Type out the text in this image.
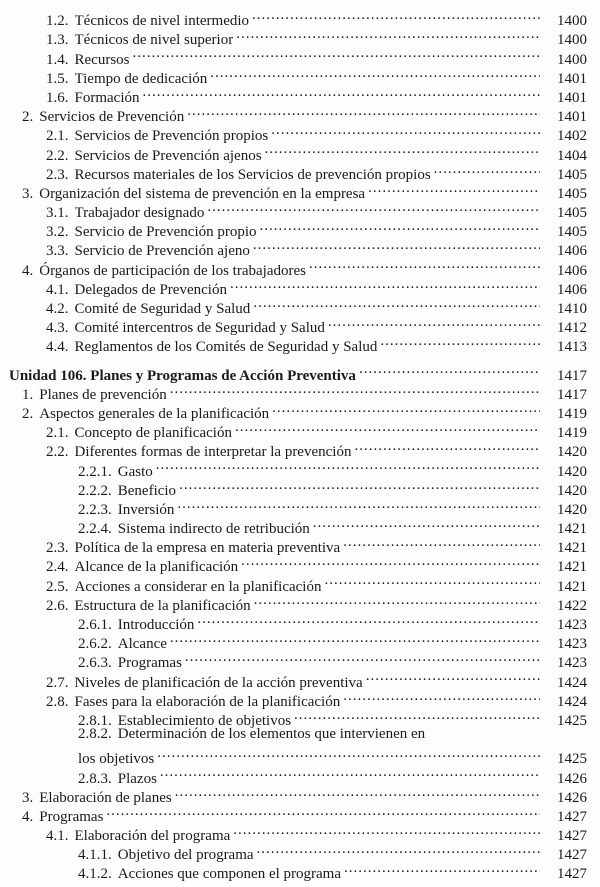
1.2. Técnicos de nivel intermedio .....	1400
1.3. Técnicos de nivel superior .....	1400
1.4. Recursos .....	1400
1.5. Tiempo de dedicación .....	1401
1.6. Formación .....	1401
2. Servicios de Prevención .....	1401
2.1. Servicios de Prevención propios .....	1402
2.2. Servicios de Prevención ajenos .....	1404
2.3. Recursos materiales de los Servicios de prevención propios .....	1405
3. Organización del sistema de prevención en la empresa .....	1405
3.1. Trabajador designado .....	1405
3.2. Servicio de Prevención propio .....	1405
3.3. Servicio de Prevención ajeno .....	1406
4. Órganos de participación de los trabajadores .....	1406
4.1. Delegados de Prevención .....	1406
4.2. Comité de Seguridad y Salud .....	1410
4.3. Comité intercentros de Seguridad y Salud .....	1412
4.4. Reglamentos de los Comités de Seguridad y Salud .....	1413
Unidad 106. Planes y Programas de Acción Preventiva .....	1417
1. Planes de prevención .....	1417
2. Aspectos generales de la planificación .....	1419
2.1. Concepto de planificación .....	1419
2.2. Diferentes formas de interpretar la prevención .....	1420
2.2.1. Gasto .....	1420
2.2.2. Beneficio .....	1420
2.2.3. Inversión .....	1420
2.2.4. Sistema indirecto de retribución .....	1421
2.3. Política de la empresa en materia preventiva .....	1421
2.4. Alcance de la planificación .....	1421
2.5. Acciones a considerar en la planificación .....	1421
2.6. Estructura de la planificación .....	1422
2.6.1. Introducción .....	1423
2.6.2. Alcance .....	1423
2.6.3. Programas .....	1423
2.7. Niveles de planificación de la acción preventiva .....	1424
2.8. Fases para la elaboración de la planificación .....	1424
2.8.1. Establecimiento de objetivos .....	1425
2.8.2. Determinación de los elementos que intervienen en
los objetivos .....	1425
2.8.3. Plazos .....	1426
3. Elaboración de planes .....	1426
4. Programas .....	1427
4.1. Elaboración del programa .....	1427
4.1.1. Objetivo del programa .....	1427
4.1.2. Acciones que componen el programa .....	1427
